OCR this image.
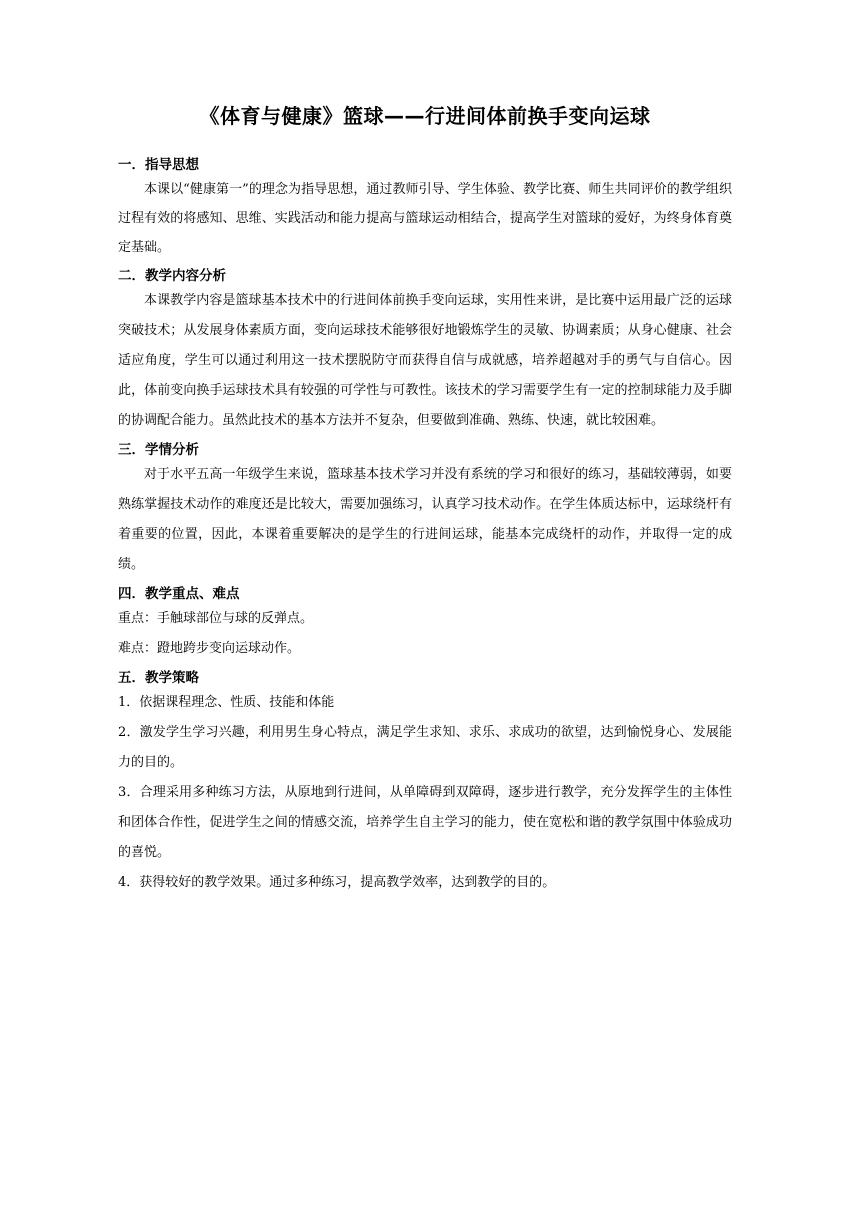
《体育与健康》篮球——行进间体前换手变向运球
一．指导思想

本课以“健康第一”的理念为指导思想，通过教师引导、学生体验、教学比赛、师生共同评价的教学组织过程有效的将感知、思维、实践活动和能力提高与篮球运动相结合，提高学生对篮球的爱好，为终身体育奠定基础。

二．教学内容分析

本课教学内容是篮球基本技术中的行进间体前换手变向运球，实用性来讲，是比赛中运用最广泛的运球突破技术；从发展身体素质方面，变向运球技术能够很好地锻炼学生的灵敏、协调素质；从身心健康、社会适应角度，学生可以通过利用这一技术摆脱防守而获得自信与成就感，培养超越对手的勇气与自信心。因此，体前变向换手运球技术具有较强的可学性与可教性。该技术的学习需要学生有一定的控制球能力及手脚的协调配合能力。虽然此技术的基本方法并不复杂，但要做到准确、熟练、快速，就比较困难。

三．学情分析

对于水平五高一年级学生来说，篮球基本技术学习并没有系统的学习和很好的练习，基础较薄弱，如要熟练掌握技术动作的难度还是比较大，需要加强练习，认真学习技术动作。在学生体质达标中，运球绕杆有着重要的位置，因此，本课着重要解决的是学生的行进间运球，能基本完成绕杆的动作，并取得一定的成绩。

四．教学重点、难点

重点：手触球部位与球的反弹点。

难点：蹬地跨步变向运球动作。

五．教学策略

1．依据课程理念、性质、技能和体能

2．激发学生学习兴趣，利用男生身心特点，满足学生求知、求乐、求成功的欲望，达到愉悦身心、发展能力的目的。

3．合理采用多种练习方法，从原地到行进间，从单障碍到双障碍，逐步进行教学，充分发挥学生的主体性和团体合作性，促进学生之间的情感交流，培养学生自主学习的能力，使在宽松和谐的教学氛围中体验成功的喜悦。

4．获得较好的教学效果。通过多种练习，提高教学效率，达到教学的目的。
